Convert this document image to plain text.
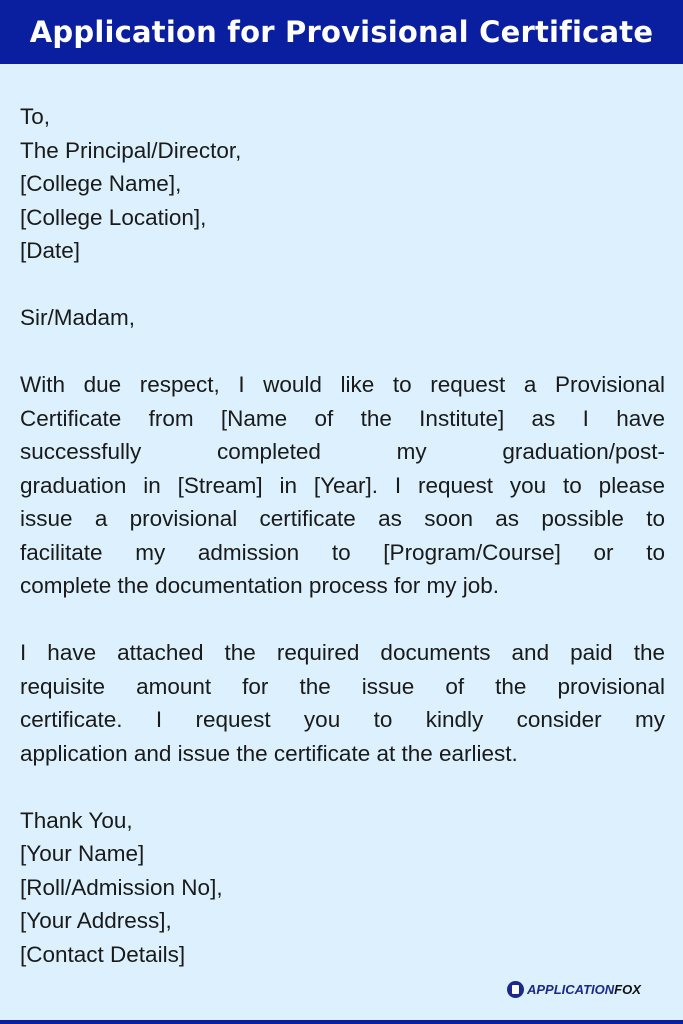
Application for Provisional Certificate
To,
The Principal/Director,
[College Name],
[College Location],
[Date]
Sir/Madam,
With due respect, I would like to request a Provisional
Certificate from [Name of the Institute] as I have
successfully completed my graduation/post-
graduation in [Stream] in [Year]. I request you to please
issue a provisional certificate as soon as possible to
facilitate my admission to [Program/Course] or to
complete the documentation process for my job.
I have attached the required documents and paid the
requisite amount for the issue of the provisional
certificate. I request you to kindly consider my
application and issue the certificate at the earliest.
Thank You,
[Your Name]
[Roll/Admission No],
[Your Address],
[Contact Details]
APPLICATIONFOX
